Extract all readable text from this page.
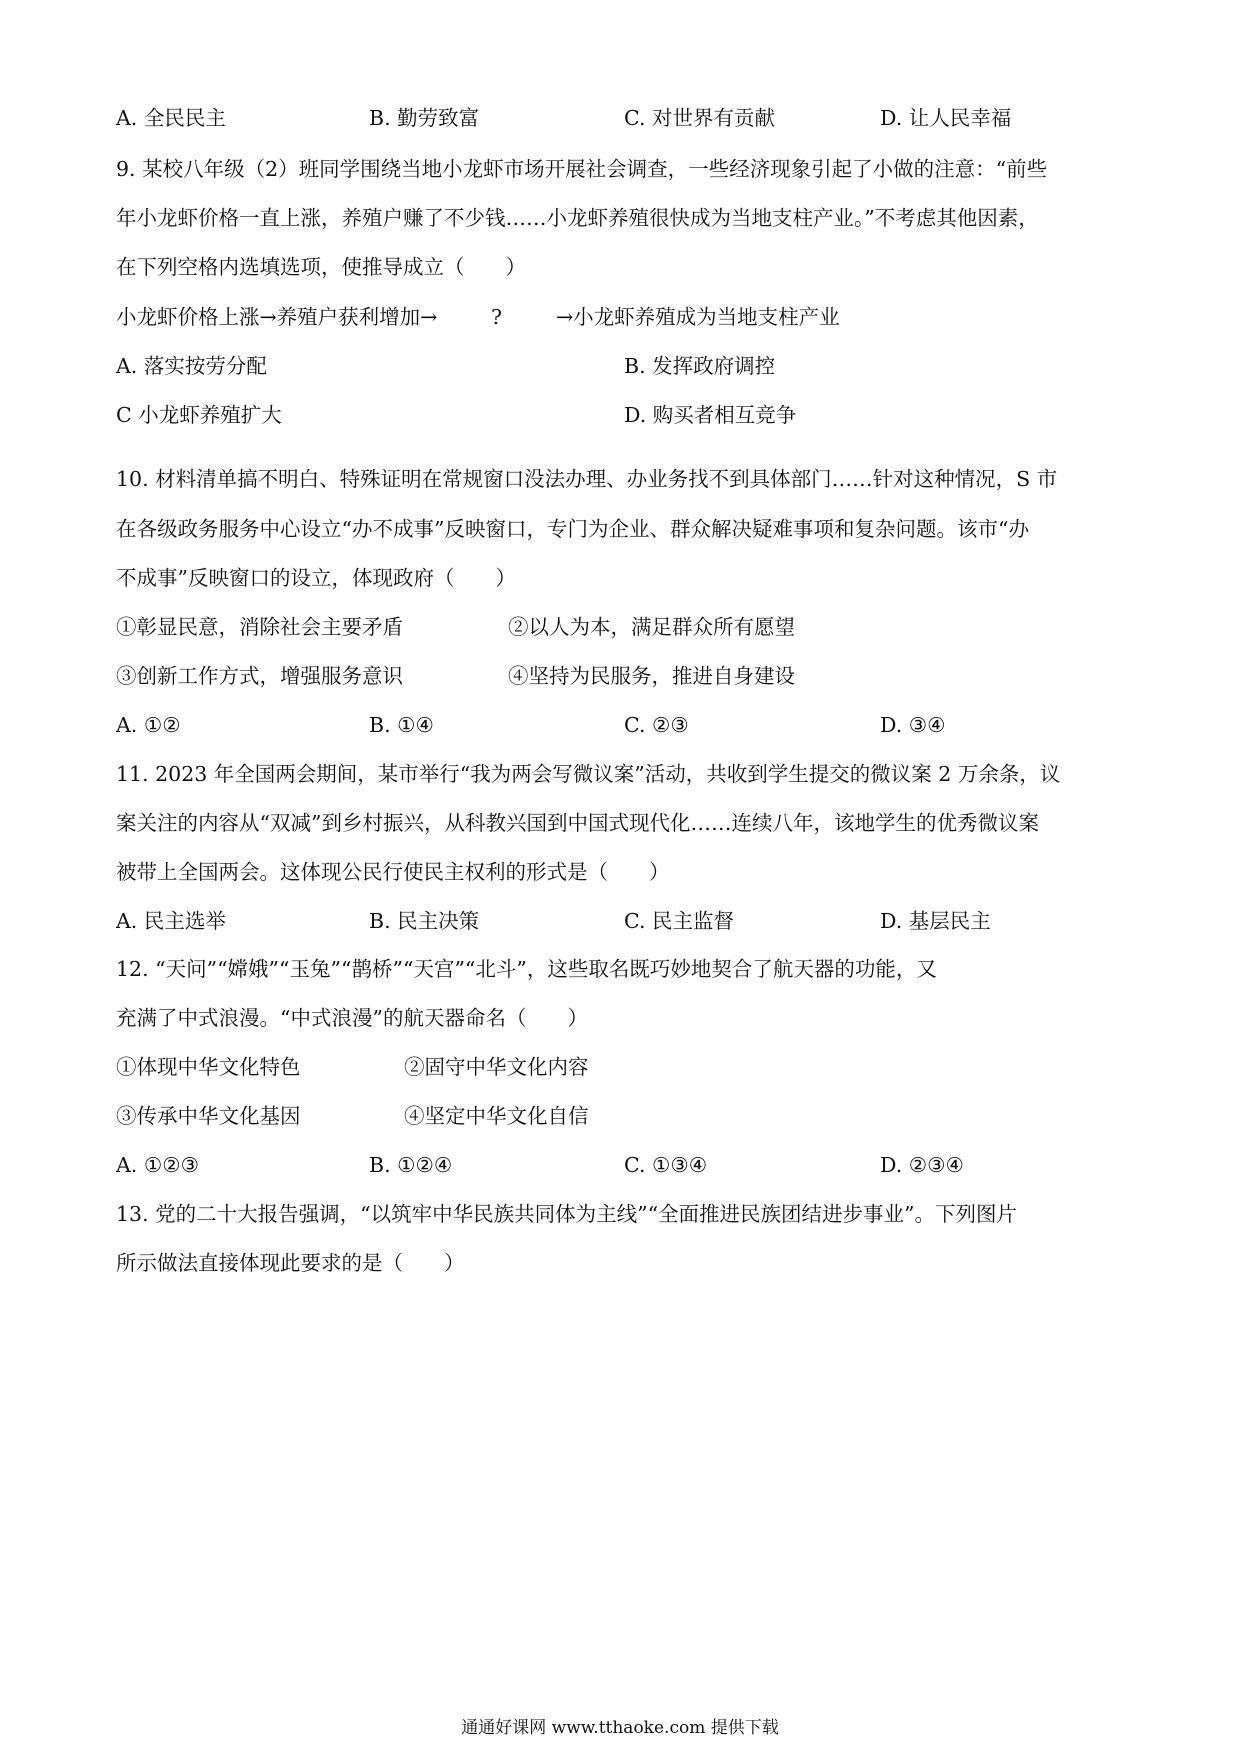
A. 全民民主	B. 勤劳致富	C. 对世界有贡献	D. 让人民幸福
9. 某校八年级（2）班同学围绕当地小龙虾市场开展社会调查，一些经济现象引起了小做的注意：“前些
年小龙虾价格一直上涨，养殖户赚了不少钱……小龙虾养殖很快成为当地支柱产业。”不考虑其他因素，
在下列空格内选填选项，使推导成立（　　）
小龙虾价格上涨→养殖户获利增加→	?	→小龙虾养殖成为当地支柱产业
A. 落实按劳分配	B. 发挥政府调控
C 小龙虾养殖扩大	D. 购买者相互竞争
10. 材料清单搞不明白、特殊证明在常规窗口没法办理、办业务找不到具体部门……针对这种情况，S 市
在各级政务服务中心设立“办不成事”反映窗口，专门为企业、群众解决疑难事项和复杂问题。该市“办
不成事”反映窗口的设立，体现政府（　　）
①彰显民意，消除社会主要矛盾	②以人为本，满足群众所有愿望
③创新工作方式，增强服务意识	④坚持为民服务，推进自身建设
A. ①②	B. ①④	C. ②③	D. ③④
11. 2023 年全国两会期间，某市举行“我为两会写微议案”活动，共收到学生提交的微议案 2 万余条，议
案关注的内容从“双减”到乡村振兴，从科教兴国到中国式现代化……连续八年，该地学生的优秀微议案
被带上全国两会。这体现公民行使民主权利的形式是（　　）
A. 民主选举	B. 民主决策	C. 民主监督	D. 基层民主
12. “天问”“嫦娥”“玉兔”“鹊桥”“天宫”“北斗”，这些取名既巧妙地契合了航天器的功能，又
充满了中式浪漫。“中式浪漫”的航天器命名（　　）
①体现中华文化特色	②固守中华文化内容
③传承中华文化基因	④坚定中华文化自信
A. ①②③	B. ①②④	C. ①③④	D. ②③④
13. 党的二十大报告强调，“以筑牢中华民族共同体为主线”“全面推进民族团结进步事业”。下列图片
所示做法直接体现此要求的是（　　）
通通好课网 www.tthaoke.com 提供下载
